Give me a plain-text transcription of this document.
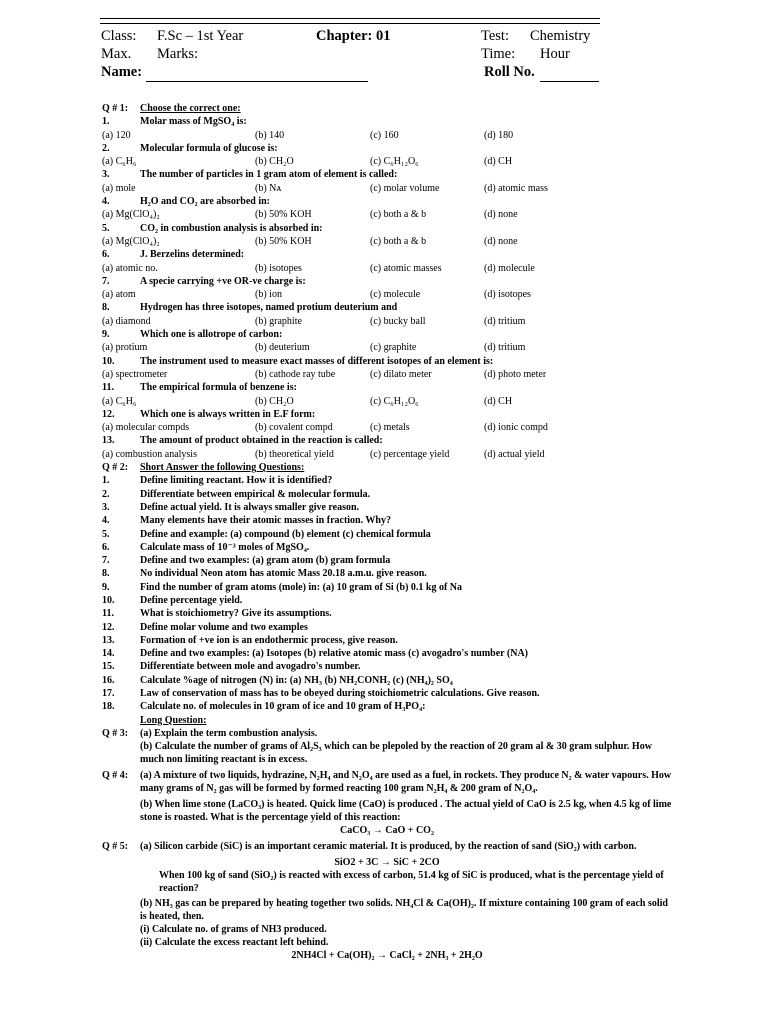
Class: F.Sc – 1st Year	Chapter: 01	Test: Chemistry
Max. Marks:	Time: Hour
Name:	Roll No.
Q # 1: Choose the correct one:
1.	Molar mass of MgSO₄ is:
(a) 120	(b) 140	(c) 160	(d) 180
2.	Molecular formula of glucose is:
(a) C₆H₆	(b) CH₂O	(c) C₆H₁₂O₆	(d) CH
3.	The number of particles in 1 gram atom of element is called:
(a) mole	(b) Nᴀ	(c) molar volume	(d) atomic mass
4.	H₂O and CO₂ are absorbed in:
(a) Mg(ClO₄)₂	(b) 50% KOH	(c) both a & b	(d) none
5.	CO₂ in combustion analysis is absorbed in:
(a) Mg(ClO₄)₂	(b) 50% KOH	(c) both a & b	(d) none
6.	J. Berzelins determined:
(a) atomic no.	(b) isotopes	(c) atomic masses	(d) molecule
7.	A specie carrying +ve OR-ve charge is:
(a) atom	(b) ion	(c) molecule	(d) isotopes
8.	Hydrogen has three isotopes, named protium deuterium and
(a) diamond	(b) graphite	(c) bucky ball	(d) tritium
9.	Which one is allotrope of carbon:
(a) protium	(b) deuterium	(c) graphite	(d) tritium
10.	The instrument used to measure exact masses of different isotopes of an element is:
(a) spectrometer	(b) cathode ray tube	(c) dilato meter	(d) photo meter
11.	The empirical formula of benzene is:
(a) C₆H₆	(b) CH₂O	(c) C₆H₁₂O₆	(d) CH
12.	Which one is always written in E.F form:
(a) molecular compds	(b) covalent compd	(c) metals	(d) ionic compd
13.	The amount of product obtained in the reaction is called:
(a) combustion analysis	(b) theoretical yield	(c) percentage yield	(d) actual yield
Q # 2: Short Answer the following Questions:
1.	Define limiting reactant. How it is identified?
2.	Differentiate between empirical & molecular formula.
3.	Define actual yield. It is always smaller give reason.
4.	Many elements have their atomic masses in fraction. Why?
5.	Define and example: (a) compound (b) element (c) chemical formula
6.	Calculate mass of 10⁻³ moles of MgSO₄.
7.	Define and two examples: (a) gram atom (b) gram formula
8.	No individual Neon atom has atomic Mass 20.18 a.m.u. give reason.
9.	Find the number of gram atoms (mole) in: (a) 10 gram of Si (b) 0.1 kg of Na
10.	Define percentage yield.
11.	What is stoichiometry? Give its assumptions.
12.	Define molar volume and two examples
13.	Formation of +ve ion is an endothermic process, give reason.
14.	Define and two examples: (a) Isotopes (b) relative atomic mass (c) avogadro's number (NA)
15.	Differentiate between mole and avogadro's number.
16.	Calculate %age of nitrogen (N) in: (a) NH₃ (b) NH₂CONH₂ (c) (NH₄)₂ SO₄
17.	Law of conservation of mass has to be obeyed during stoichiometric calculations. Give reason.
18.	Calculate no. of molecules in 10 gram of ice and 10 gram of H₃PO₄:
Long Question:
Q # 3: (a) Explain the term combustion analysis.
(b) Calculate the number of grams of Al₂S₃ which can be plepoled by the reaction of 20 gram al & 30 gram sulphur. How much non limiting reactant is in excess.
Q # 4: (a) A mixture of two liquids, hydrazine, N₂H₄ and N₂O₄ are used as a fuel, in rockets. They produce N₂ & water vapours. How many grams of N₂ gas will be formed by formed reacting 100 gram N₂H₄ & 200 gram of N₂O₄.
(b) When lime stone (LaCO₃) is heated. Quick lime (CaO) is produced . The actual yield of CaO is 2.5 kg, when 4.5 kg of lime stone is roasted. What is the percentage yield of this reaction:
CaCO₃ → CaO + CO₂
Q # 5: (a) Silicon carbide (SiC) is an important ceramic material. It is produced, by the reaction of sand (SiO₂) with carbon.
SiO2 + 3C → SiC + 2CO
When 100 kg of sand (SiO₂) is reacted with excess of carbon, 51.4 kg of SiC is produced, what is the percentage yield of reaction?
(b) NH₃ gas can be prepared by heating together two solids. NH₄Cl & Ca(OH)₂. If mixture containing 100 gram of each solid is heated, then.
(i) Calculate no. of grams of NH3 produced.
(ii) Calculate the excess reactant left behind.
2NH4Cl + Ca(OH)₂ → CaCl₂ + 2NH₃ + 2H₂O
